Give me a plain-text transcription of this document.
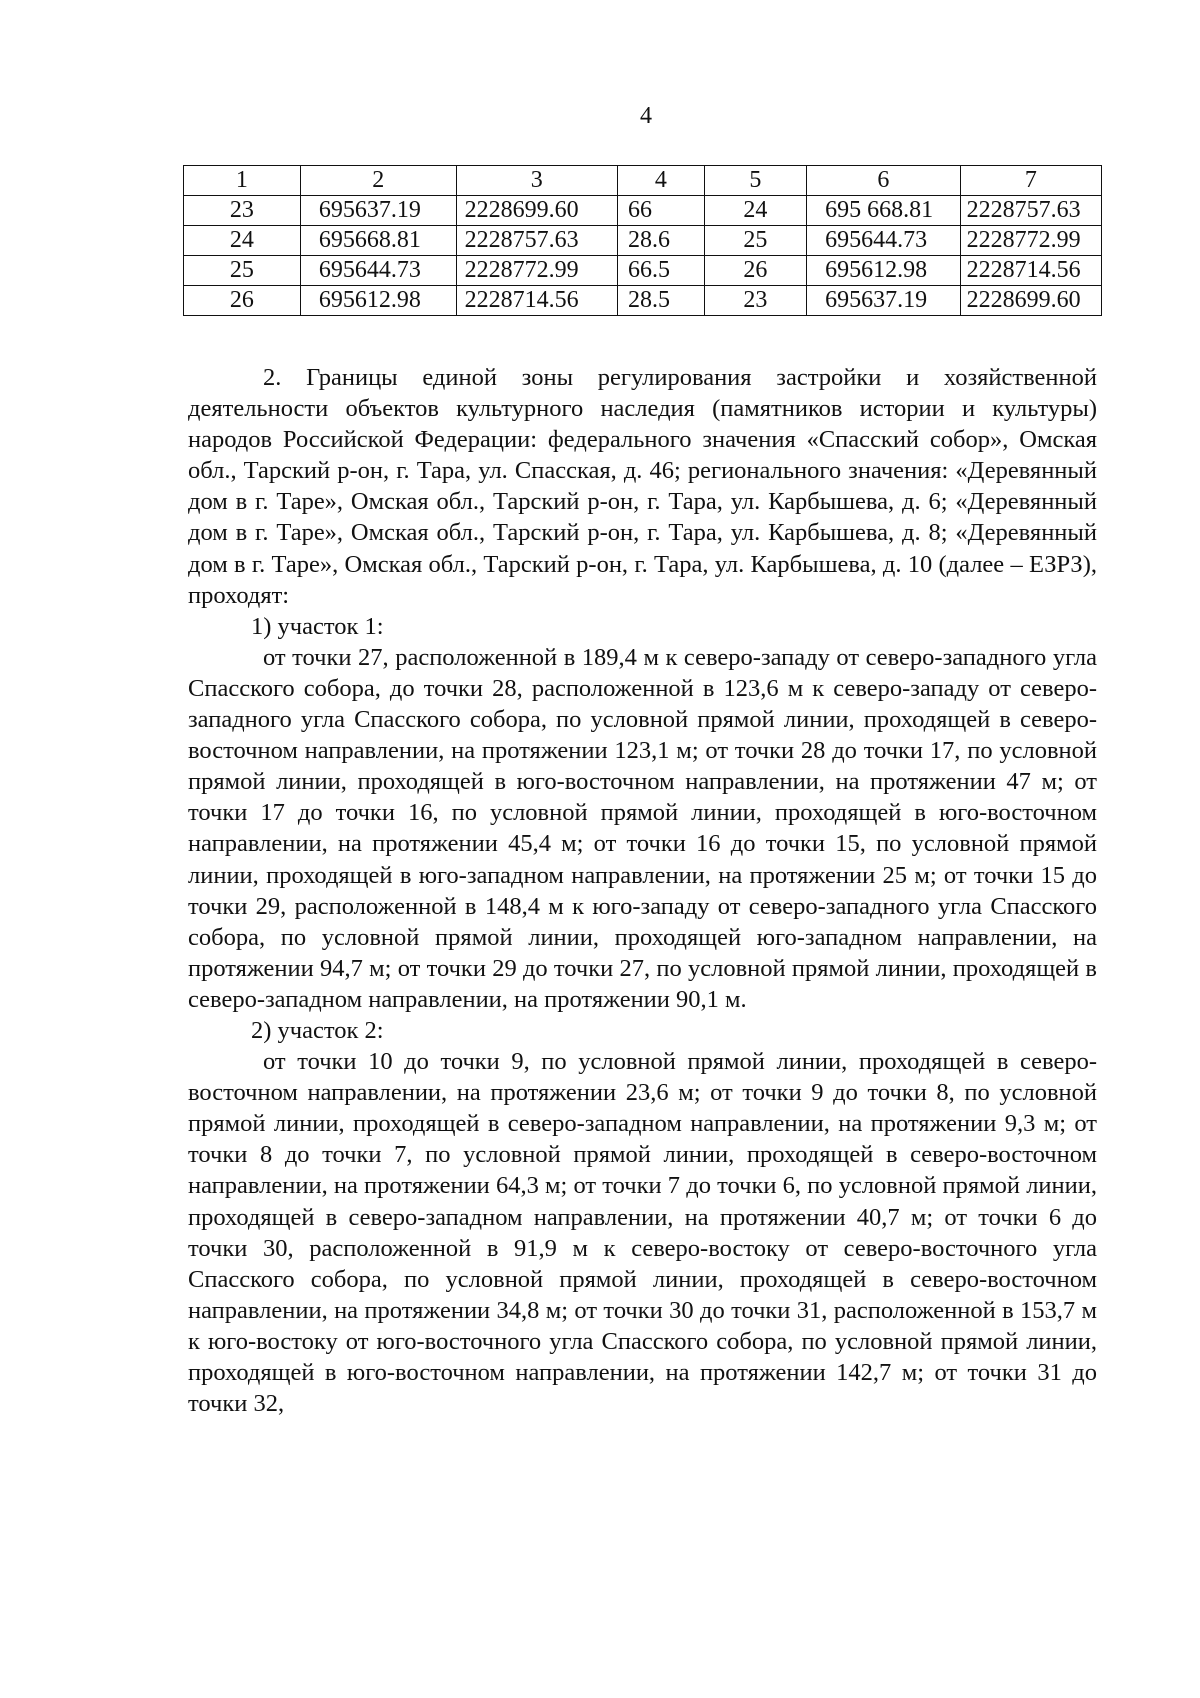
4
1	2	3	4	5	6	7
23	695637.19	2228699.60	66	24	695 668.81	2228757.63
24	695668.81	2228757.63	28.6	25	695644.73	2228772.99
25	695644.73	2228772.99	66.5	26	695612.98	2228714.56
26	695612.98	2228714.56	28.5	23	695637.19	2228699.60

2. Границы единой зоны регулирования застройки и хозяйственной деятельности объектов культурного наследия (памятников истории и культуры) народов Российской Федерации: федерального значения «Спасский собор», Омская обл., Тарский р-он, г. Тара, ул. Спасская, д. 46; регионального значения: «Деревянный дом в г. Таре», Омская обл., Тарский р-он, г. Тара, ул. Карбышева, д. 6; «Деревянный дом в г. Таре», Омская обл., Тарский р-он, г. Тара, ул. Карбышева, д. 8; «Деревянный дом в г. Таре», Омская обл., Тарский р-он, г. Тара, ул. Карбышева, д. 10 (далее – ЕЗРЗ), проходят:

1) участок 1:

от точки 27, расположенной в 189,4 м к северо-западу от северо-западного угла Спасского собора, до точки 28, расположенной в 123,6 м к северо-западу от северо-западного угла Спасского собора, по условной прямой линии, проходящей в северо-восточном направлении, на протяжении 123,1 м; от точки 28 до точки 17, по условной прямой линии, проходящей в юго-восточном направлении, на протяжении 47 м; от точки 17 до точки 16, по условной прямой линии, проходящей в юго-восточном направлении, на протяжении 45,4 м; от точки 16 до точки 15, по условной прямой линии, проходящей в юго-западном направлении, на протяжении 25 м; от точки 15 до точки 29, расположенной в 148,4 м к юго-западу от северо-западного угла Спасского собора, по условной прямой линии, проходящей юго-западном направлении, на протяжении 94,7 м; от точки 29 до точки 27, по условной прямой линии, проходящей в северо-западном направлении, на протяжении 90,1 м.

2) участок 2:

от точки 10 до точки 9, по условной прямой линии, проходящей в северо-восточном направлении, на протяжении 23,6 м; от точки 9 до точки 8, по условной прямой линии, проходящей в северо-западном направлении, на протяжении 9,3 м; от точки 8 до точки 7, по условной прямой линии, проходящей в северо-восточном направлении, на протяжении 64,3 м; от точки 7 до точки 6, по условной прямой линии, проходящей в северо-западном направлении, на протяжении 40,7 м; от точки 6 до точки 30, расположенной в 91,9 м к северо-востоку от северо-восточного угла Спасского собора, по условной прямой линии, проходящей в северо-восточном направлении, на протяжении 34,8 м; от точки 30 до точки 31, расположенной в 153,7 м к юго-востоку от юго-восточного угла Спасского собора, по условной прямой линии, проходящей в юго-восточном направлении, на протяжении 142,7 м; от точки 31 до точки 32,
